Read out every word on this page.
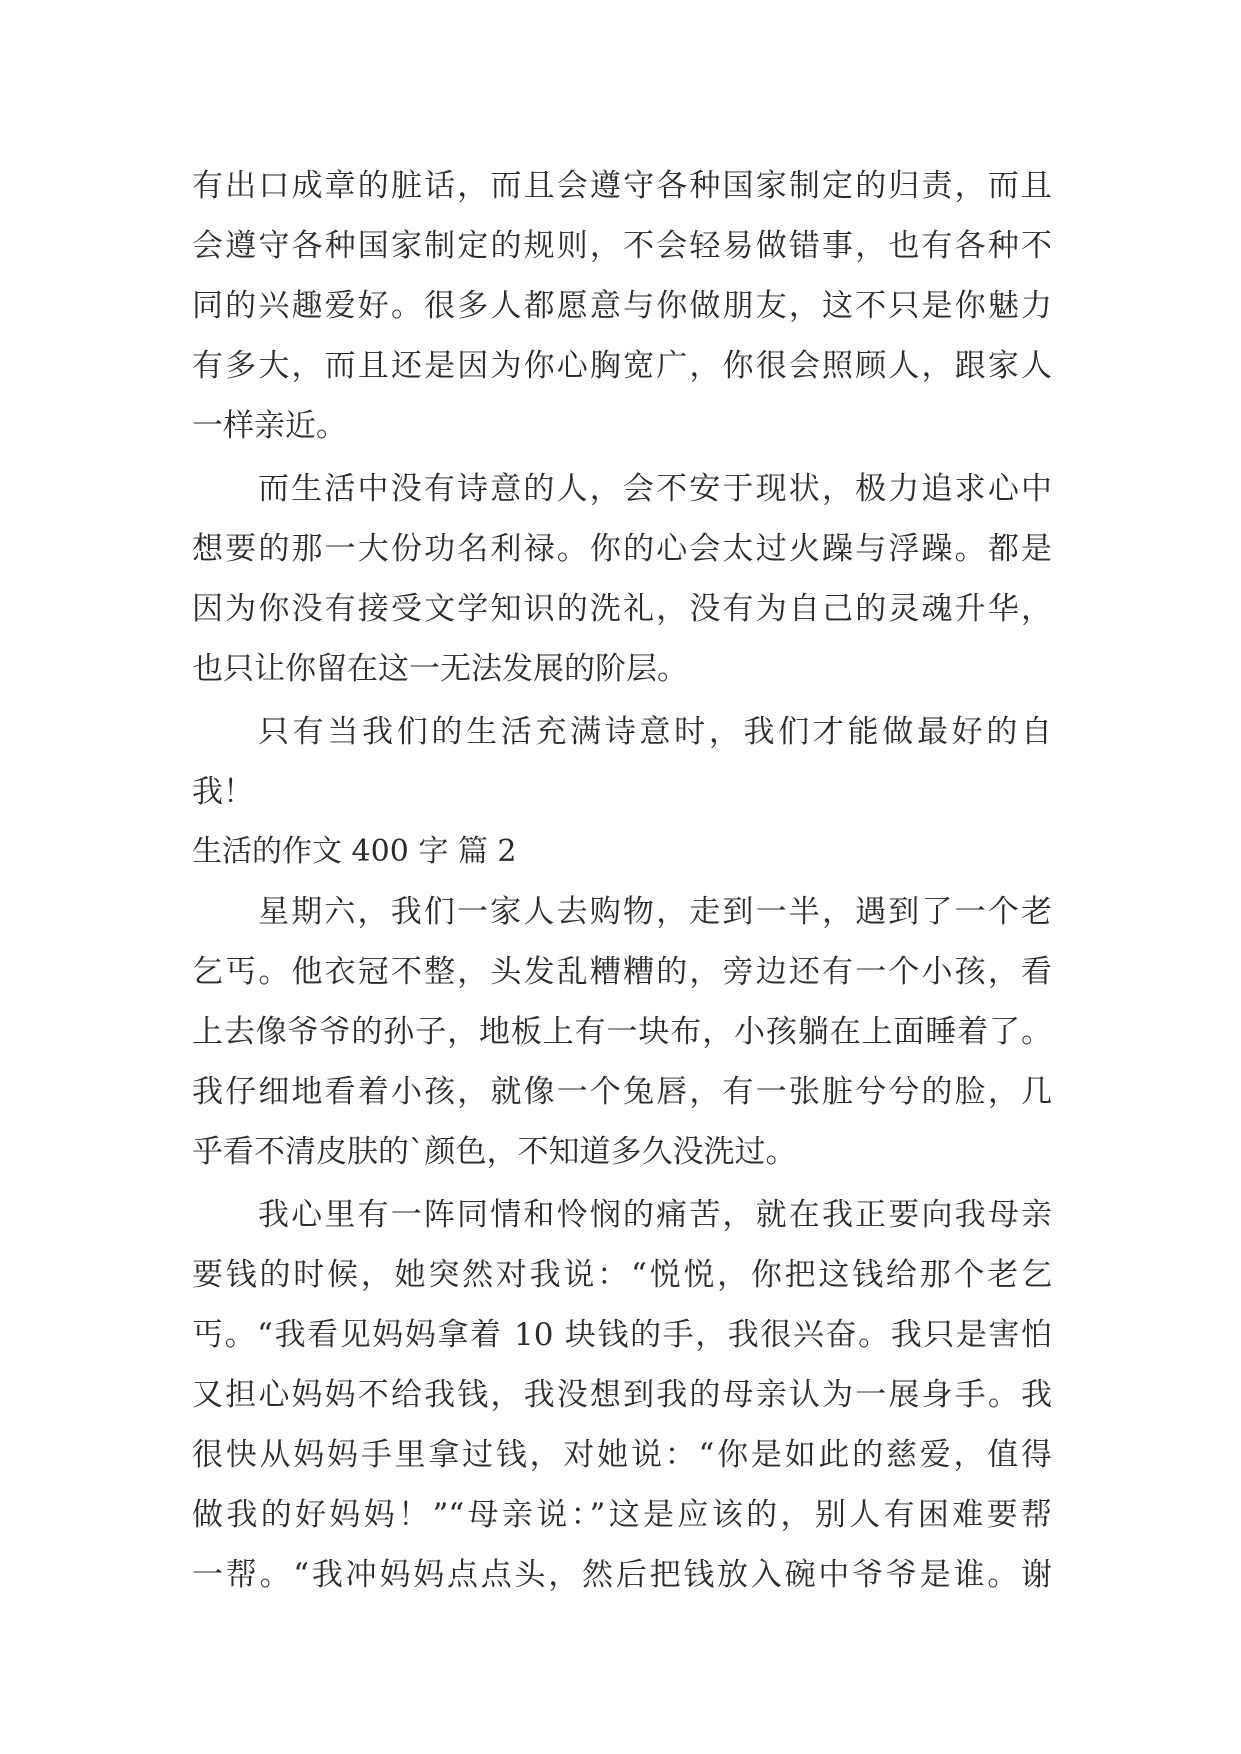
有出口成章的脏话，而且会遵守各种国家制定的归责，而且
会遵守各种国家制定的规则，不会轻易做错事，也有各种不
同的兴趣爱好。很多人都愿意与你做朋友，这不只是你魅力
有多大，而且还是因为你心胸宽广，你很会照顾人，跟家人
一样亲近。
而生活中没有诗意的人，会不安于现状，极力追求心中
想要的那一大份功名利禄。你的心会太过火躁与浮躁。都是
因为你没有接受文学知识的洗礼，没有为自己的灵魂升华，
也只让你留在这一无法发展的阶层。
只有当我们的生活充满诗意时，我们才能做最好的自
我！
生活的作文 400 字 篇 2
星期六，我们一家人去购物，走到一半，遇到了一个老
乞丐。他衣冠不整，头发乱糟糟的，旁边还有一个小孩，看
上去像爷爷的孙子，地板上有一块布，小孩躺在上面睡着了。
我仔细地看着小孩，就像一个兔唇，有一张脏兮兮的脸，几
乎看不清皮肤的`颜色，不知道多久没洗过。
我心里有一阵同情和怜悯的痛苦，就在我正要向我母亲
要钱的时候，她突然对我说：“悦悦，你把这钱给那个老乞
丐。“我看见妈妈拿着 10 块钱的手，我很兴奋。我只是害怕
又担心妈妈不给我钱，我没想到我的母亲认为一展身手。我
很快从妈妈手里拿过钱，对她说：“你是如此的慈爱，值得
做我的好妈妈！”“母亲说：”这是应该的，别人有困难要帮
一帮。“我冲妈妈点点头，然后把钱放入碗中爷爷是谁。谢
